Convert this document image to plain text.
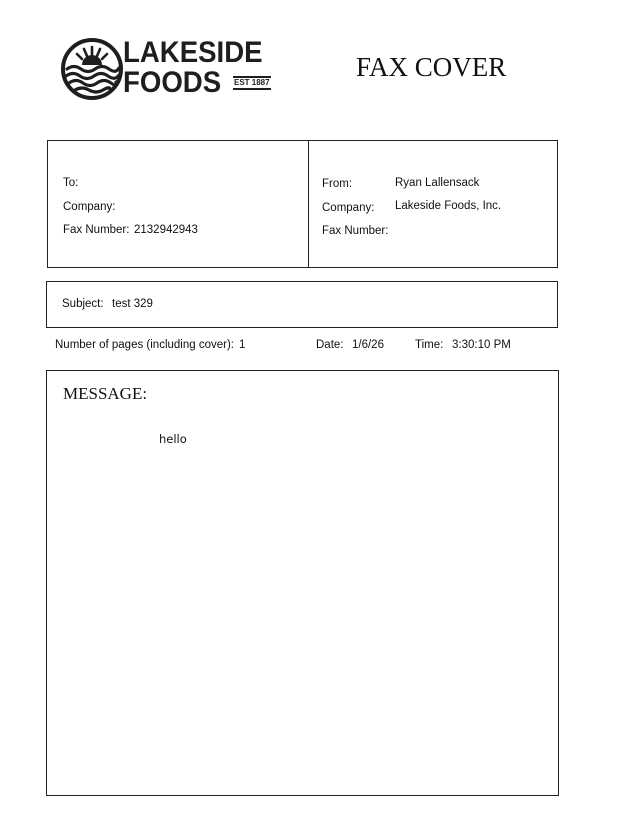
LAKESIDE
FOODS EST 1887
FAX COVER
To:
Company:
Fax Number: 2132942943
From:	Ryan Lallensack
Company: Lakeside Foods, Inc.
Fax Number:
Subject: test 329
Number of pages (including cover): 1	Date: 1/6/26	Time: 3:30:10 PM
MESSAGE:
hello
